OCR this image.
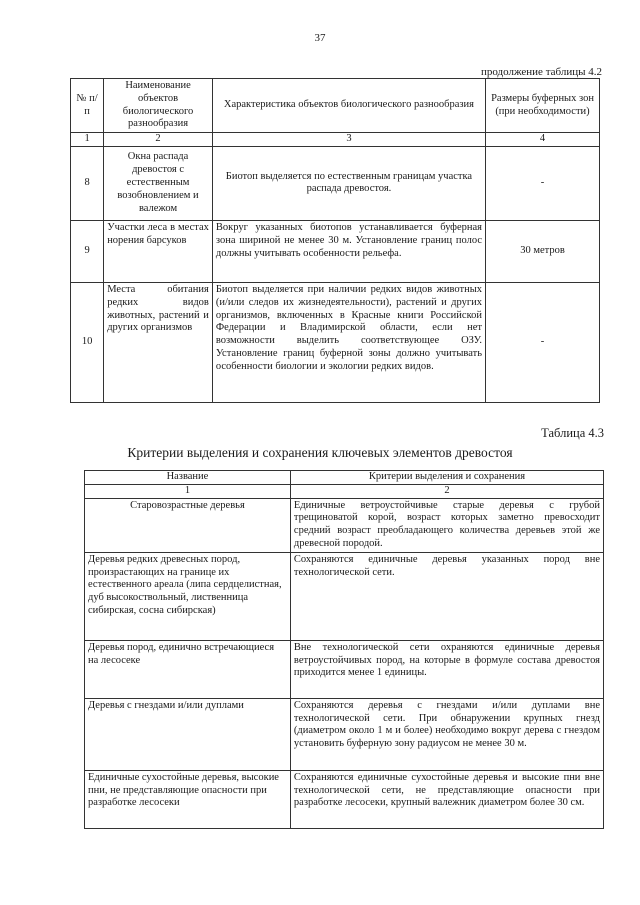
37
продолжение таблицы 4.2
№ п/п	Наименование объектов биологического разнообразия	Характеристика объектов биологического разнообразия	Размеры буферных зон (при необходимости)
1	2	3	4
8	Окна распада древостоя с естественным возобновлением и валежом	Биотоп выделяется по естественным границам участка распада древостоя.	-
9	Участки леса в местах норения барсуков	Вокруг указанных биотопов устанавливается буферная зона шириной не менее 30 м. Установление границ полос должны учитывать особенности рельефа.	30 метров
10	Места обитания редких видов животных, растений и других организмов	Биотоп выделяется при наличии редких видов животных (и/или следов их жизнедеятельности), растений и других организмов, включенных в Красные книги Российской Федерации и Владимирской области, если нет возможности выделить соответствующее ОЗУ. Установление границ буферной зоны должно учитывать особенности биологии и экологии редких видов.	-
Таблица 4.3
Критерии выделения и сохранения ключевых элементов древостоя
Название	Критерии выделения и сохранения
1	2
Старовозрастные деревья	Единичные ветроустойчивые старые деревья с грубой трещиноватой корой, возраст которых заметно превосходит средний возраст преобладающего количества деревьев этой же древесной породой.
Деревья редких древесных пород, произрастающих на границе их естественного ареала (липа сердцелистная, дуб высокоствольный, лиственница сибирская, сосна сибирская)	Сохраняются единичные деревья указанных пород вне технологической сети.
Деревья пород, единично встречающиеся на лесосеке	Вне технологической сети охраняются единичные деревья ветроустойчивых пород, на которые в формуле состава древостоя приходится менее 1 единицы.
Деревья с гнездами и/или дуплами	Сохраняются деревья с гнездами и/или дуплами вне технологической сети. При обнаружении крупных гнезд (диаметром около 1 м и более) необходимо вокруг дерева с гнездом установить буферную зону радиусом не менее 30 м.
Единичные сухостойные деревья, высокие пни, не представляющие опасности при разработке лесосеки	Сохраняются единичные сухостойные деревья и высокие пни вне технологической сети, не представляющие опасности при разработке лесосеки, крупный валежник диаметром более 30 см.
